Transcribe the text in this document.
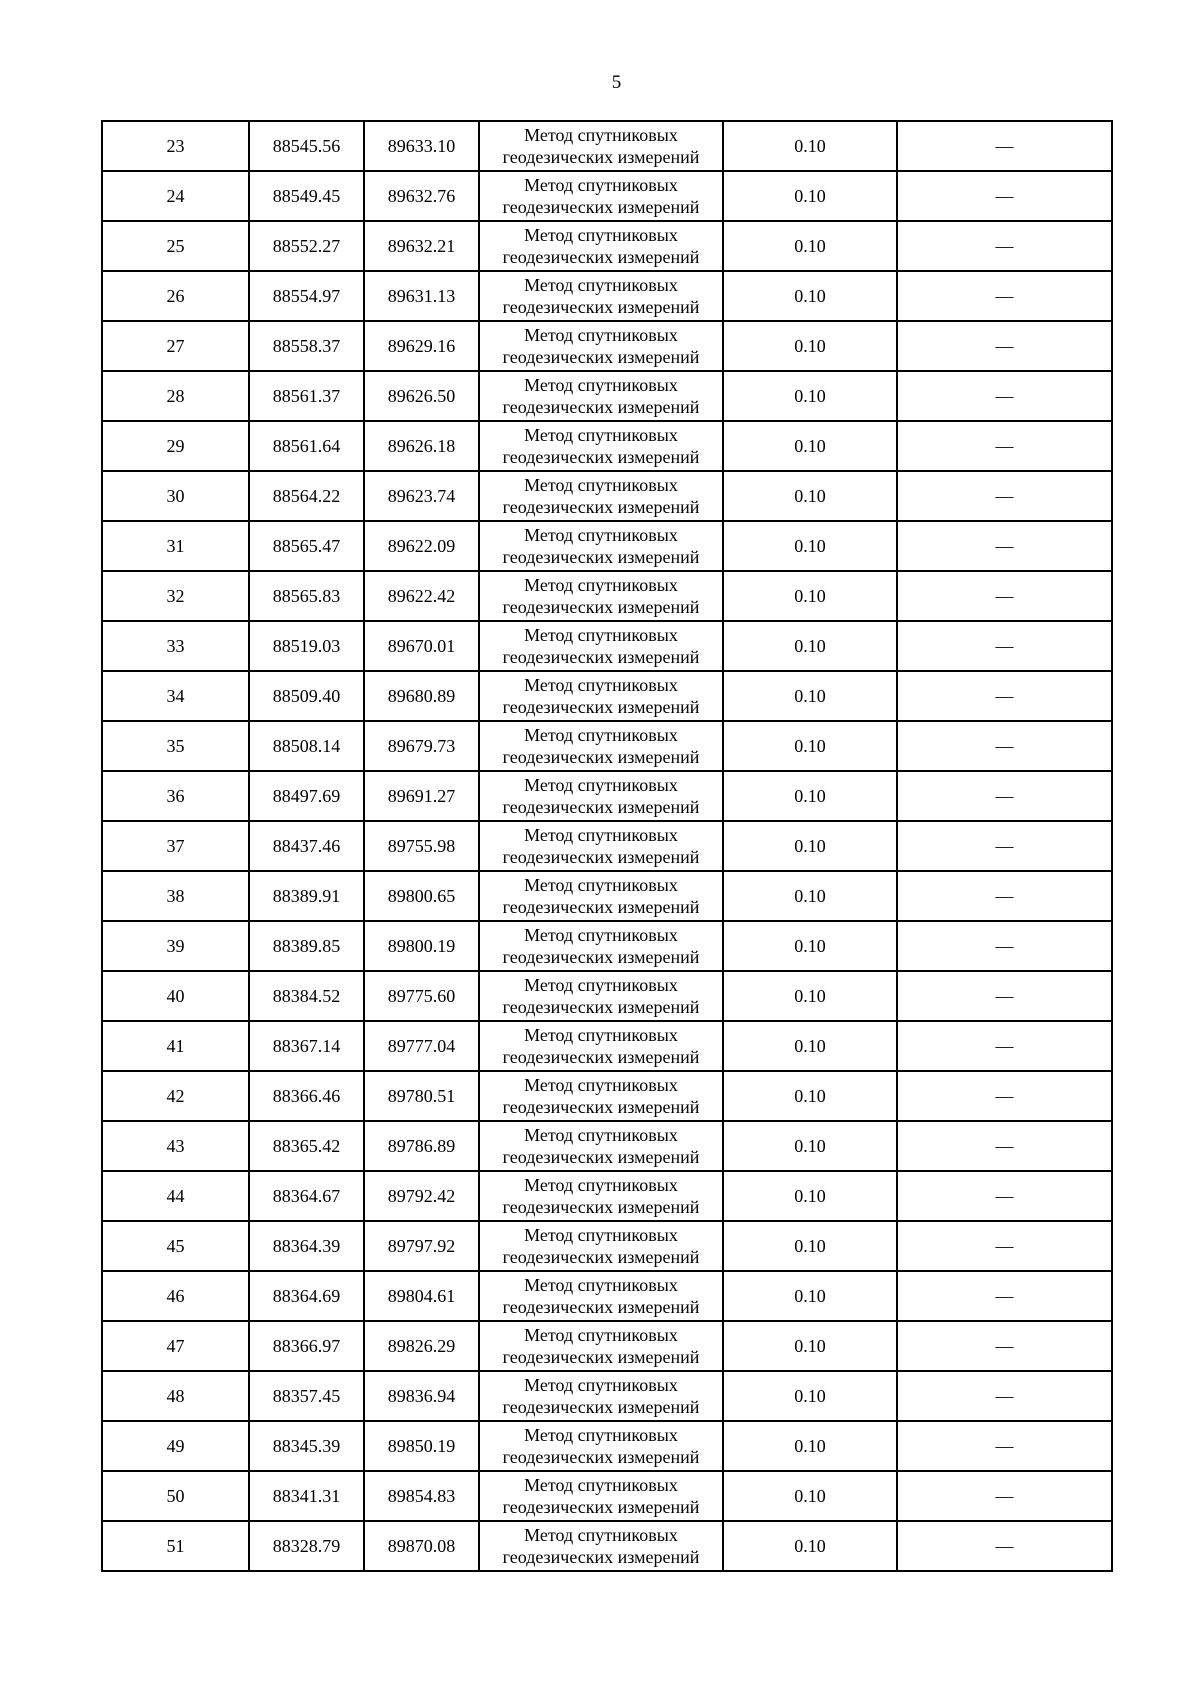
5
23	88545.56	89633.10	Метод спутниковых
геодезических измерений	0.10	—
24	88549.45	89632.76	Метод спутниковых
геодезических измерений	0.10	—
25	88552.27	89632.21	Метод спутниковых
геодезических измерений	0.10	—
26	88554.97	89631.13	Метод спутниковых
геодезических измерений	0.10	—
27	88558.37	89629.16	Метод спутниковых
геодезических измерений	0.10	—
28	88561.37	89626.50	Метод спутниковых
геодезических измерений	0.10	—
29	88561.64	89626.18	Метод спутниковых
геодезических измерений	0.10	—
30	88564.22	89623.74	Метод спутниковых
геодезических измерений	0.10	—
31	88565.47	89622.09	Метод спутниковых
геодезических измерений	0.10	—
32	88565.83	89622.42	Метод спутниковых
геодезических измерений	0.10	—
33	88519.03	89670.01	Метод спутниковых
геодезических измерений	0.10	—
34	88509.40	89680.89	Метод спутниковых
геодезических измерений	0.10	—
35	88508.14	89679.73	Метод спутниковых
геодезических измерений	0.10	—
36	88497.69	89691.27	Метод спутниковых
геодезических измерений	0.10	—
37	88437.46	89755.98	Метод спутниковых
геодезических измерений	0.10	—
38	88389.91	89800.65	Метод спутниковых
геодезических измерений	0.10	—
39	88389.85	89800.19	Метод спутниковых
геодезических измерений	0.10	—
40	88384.52	89775.60	Метод спутниковых
геодезических измерений	0.10	—
41	88367.14	89777.04	Метод спутниковых
геодезических измерений	0.10	—
42	88366.46	89780.51	Метод спутниковых
геодезических измерений	0.10	—
43	88365.42	89786.89	Метод спутниковых
геодезических измерений	0.10	—
44	88364.67	89792.42	Метод спутниковых
геодезических измерений	0.10	—
45	88364.39	89797.92	Метод спутниковых
геодезических измерений	0.10	—
46	88364.69	89804.61	Метод спутниковых
геодезических измерений	0.10	—
47	88366.97	89826.29	Метод спутниковых
геодезических измерений	0.10	—
48	88357.45	89836.94	Метод спутниковых
геодезических измерений	0.10	—
49	88345.39	89850.19	Метод спутниковых
геодезических измерений	0.10	—
50	88341.31	89854.83	Метод спутниковых
геодезических измерений	0.10	—
51	88328.79	89870.08	Метод спутниковых
геодезических измерений	0.10	—
